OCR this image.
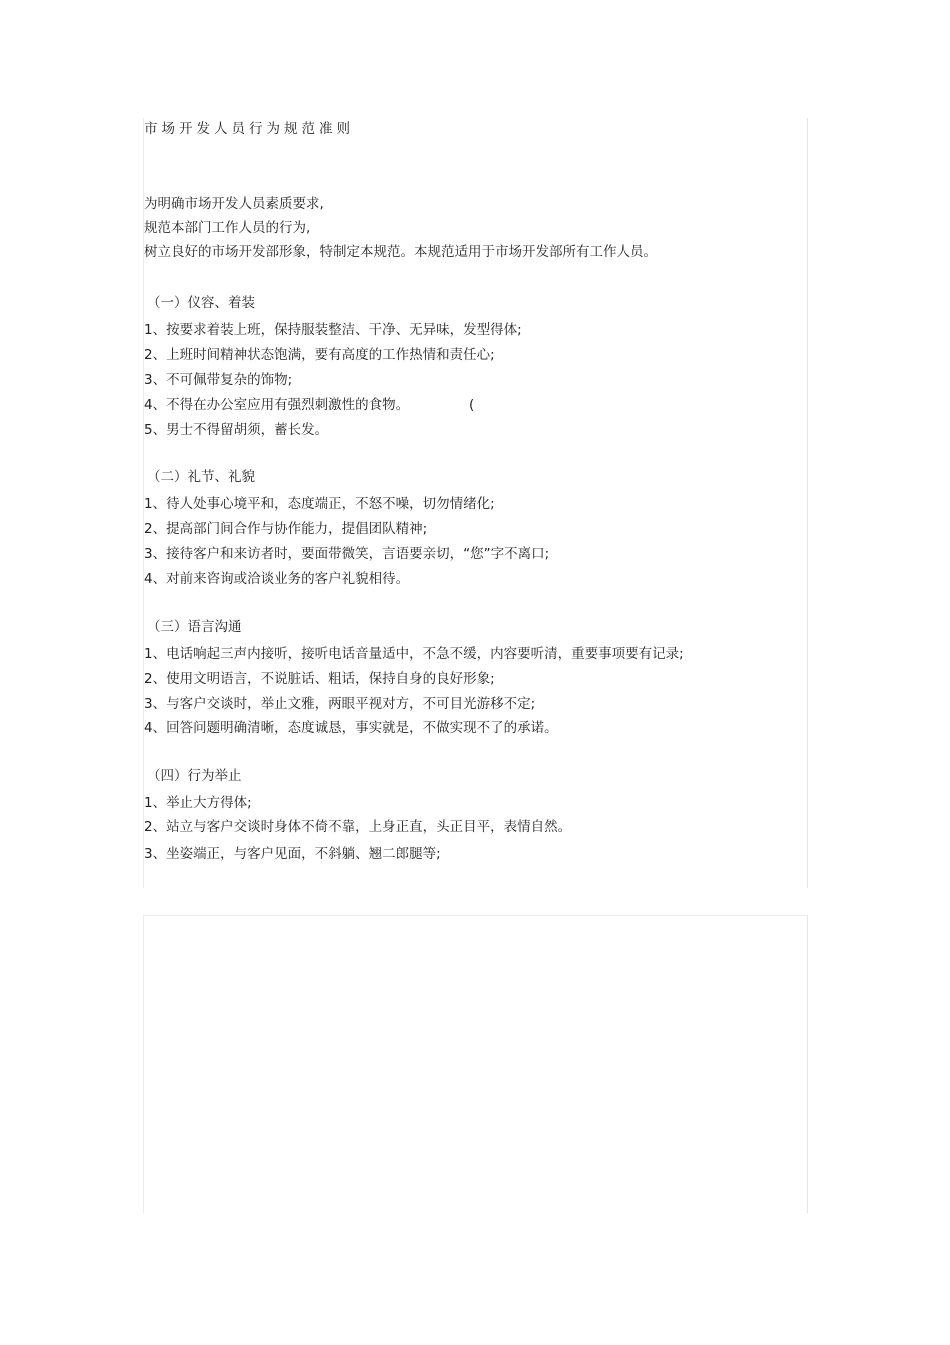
市场开发人员行为规范准则
为明确市场开发人员素质要求,
规范本部门工作人员的行为,
树立良好的市场开发部形象，特制定本规范。本规范适用于市场开发部所有工作人员。
（一）仪容、着装
1、按要求着装上班，保持服装整洁、干净、无异味，发型得体;
2、上班时间精神状态饱满，要有高度的工作热情和责任心;
3、不可佩带复杂的饰物;
4、不得在办公室应用有强烈刺激性的食物。	(
5、男士不得留胡须，蓄长发。
（二）礼节、礼貌
1、待人处事心境平和，态度端正，不怒不噪，切勿情绪化;
2、提高部门间合作与协作能力，提倡团队精神;
3、接待客户和来访者时，要面带微笑，言语要亲切，“您”字不离口;
4、对前来咨询或洽谈业务的客户礼貌相待。
（三）语言沟通
1、电话响起三声内接听，接听电话音量适中，不急不缓，内容要听清，重要事项要有记录;
2、使用文明语言，不说脏话、粗话，保持自身的良好形象;
3、与客户交谈时，举止文雅，两眼平视对方，不可目光游移不定;
4、回答问题明确清晰，态度诚恳，事实就是，不做实现不了的承诺。
（四）行为举止
1、举止大方得体;
2、站立与客户交谈时身体不倚不靠，上身正直，头正目平，表情自然。
3、坐姿端正，与客户见面，不斜躺、翘二郎腿等;
